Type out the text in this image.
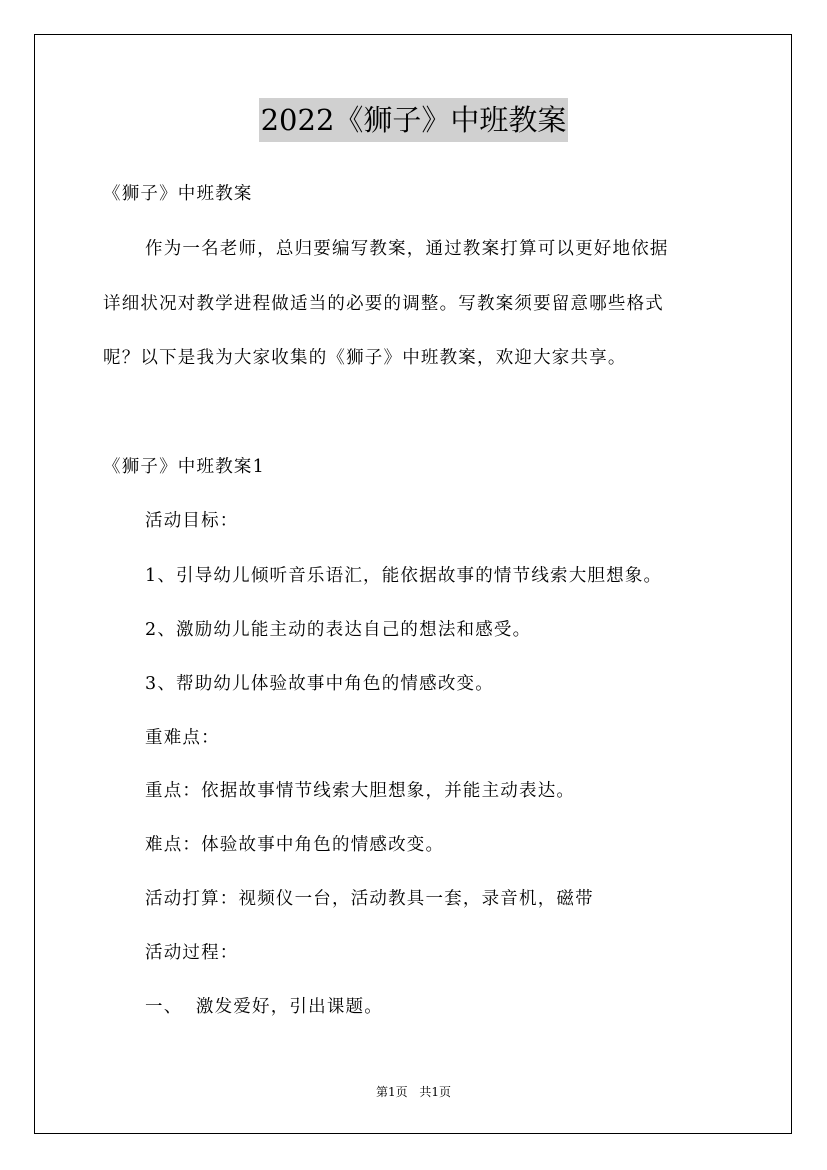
2022《狮子》中班教案
《狮子》中班教案
作为一名老师，总归要编写教案，通过教案打算可以更好地依据
详细状况对教学进程做适当的必要的调整。写教案须要留意哪些格式
呢？以下是我为大家收集的《狮子》中班教案，欢迎大家共享。
《狮子》中班教案1
活动目标：
1、引导幼儿倾听音乐语汇，能依据故事的情节线索大胆想象。
2、激励幼儿能主动的表达自己的想法和感受。
3、帮助幼儿体验故事中角色的情感改变。
重难点：
重点：依据故事情节线索大胆想象，并能主动表达。
难点：体验故事中角色的情感改变。
活动打算：视频仪一台，活动教具一套，录音机，磁带
活动过程：
一、  激发爱好，引出课题。
第1页 共1页
